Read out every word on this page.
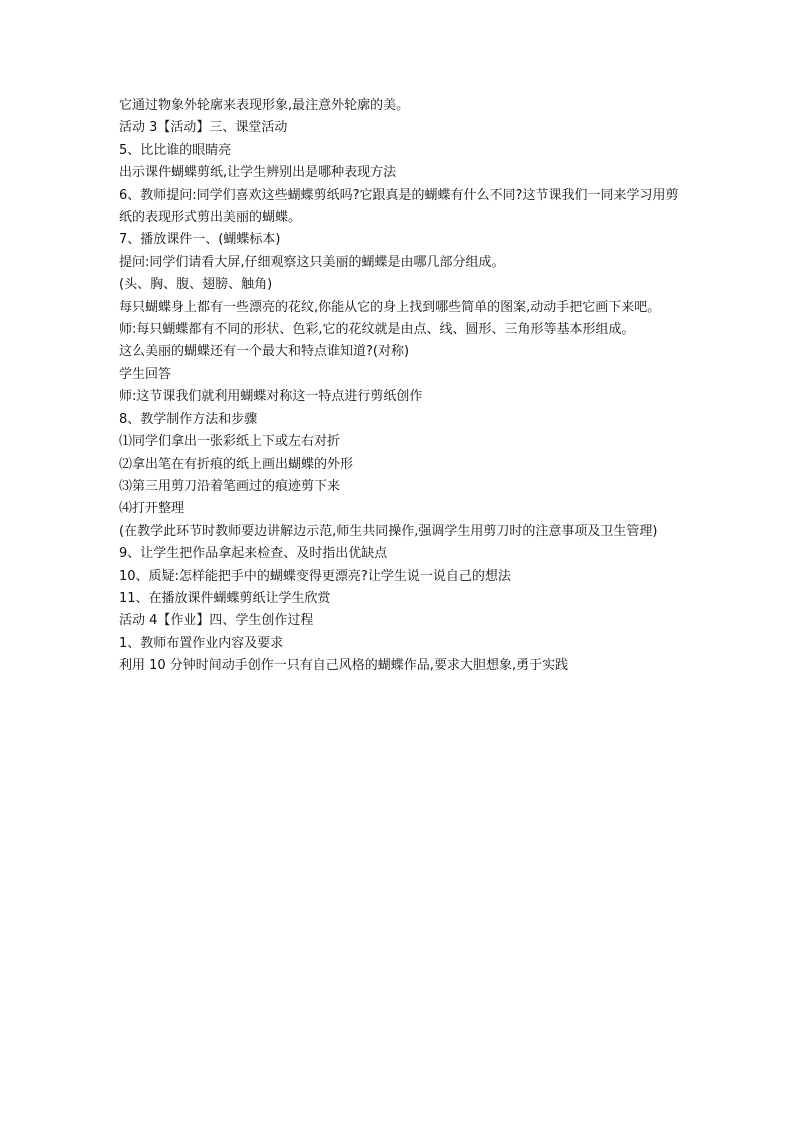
它通过物象外轮廓来表现形象,最注意外轮廓的美。
活动 3【活动】三、课堂活动
5、比比谁的眼睛亮
出示课件蝴蝶剪纸,让学生辨别出是哪种表现方法
6、教师提问:同学们喜欢这些蝴蝶剪纸吗?它跟真是的蝴蝶有什么不同?这节课我们一同来学习用剪纸的表现形式剪出美丽的蝴蝶。
7、播放课件一、(蝴蝶标本)
提问:同学们请看大屏,仔细观察这只美丽的蝴蝶是由哪几部分组成。
(头、胸、腹、翅膀、触角)
每只蝴蝶身上都有一些漂亮的花纹,你能从它的身上找到哪些简单的图案,动动手把它画下来吧。
师:每只蝴蝶都有不同的形状、色彩,它的花纹就是由点、线、圆形、三角形等基本形组成。
这么美丽的蝴蝶还有一个最大和特点谁知道?(对称)
学生回答
师:这节课我们就利用蝴蝶对称这一特点进行剪纸创作
8、教学制作方法和步骤
⑴同学们拿出一张彩纸上下或左右对折
⑵拿出笔在有折痕的纸上画出蝴蝶的外形
⑶第三用剪刀沿着笔画过的痕迹剪下来
⑷打开整理
(在教学此环节时教师要边讲解边示范,师生共同操作,强调学生用剪刀时的注意事项及卫生管理)
9、让学生把作品拿起来检查、及时指出优缺点
10、质疑:怎样能把手中的蝴蝶变得更漂亮?让学生说一说自己的想法
11、在播放课件蝴蝶剪纸让学生欣赏
活动 4【作业】四、学生创作过程
1、教师布置作业内容及要求
利用 10 分钟时间动手创作一只有自己风格的蝴蝶作品,要求大胆想象,勇于实践
